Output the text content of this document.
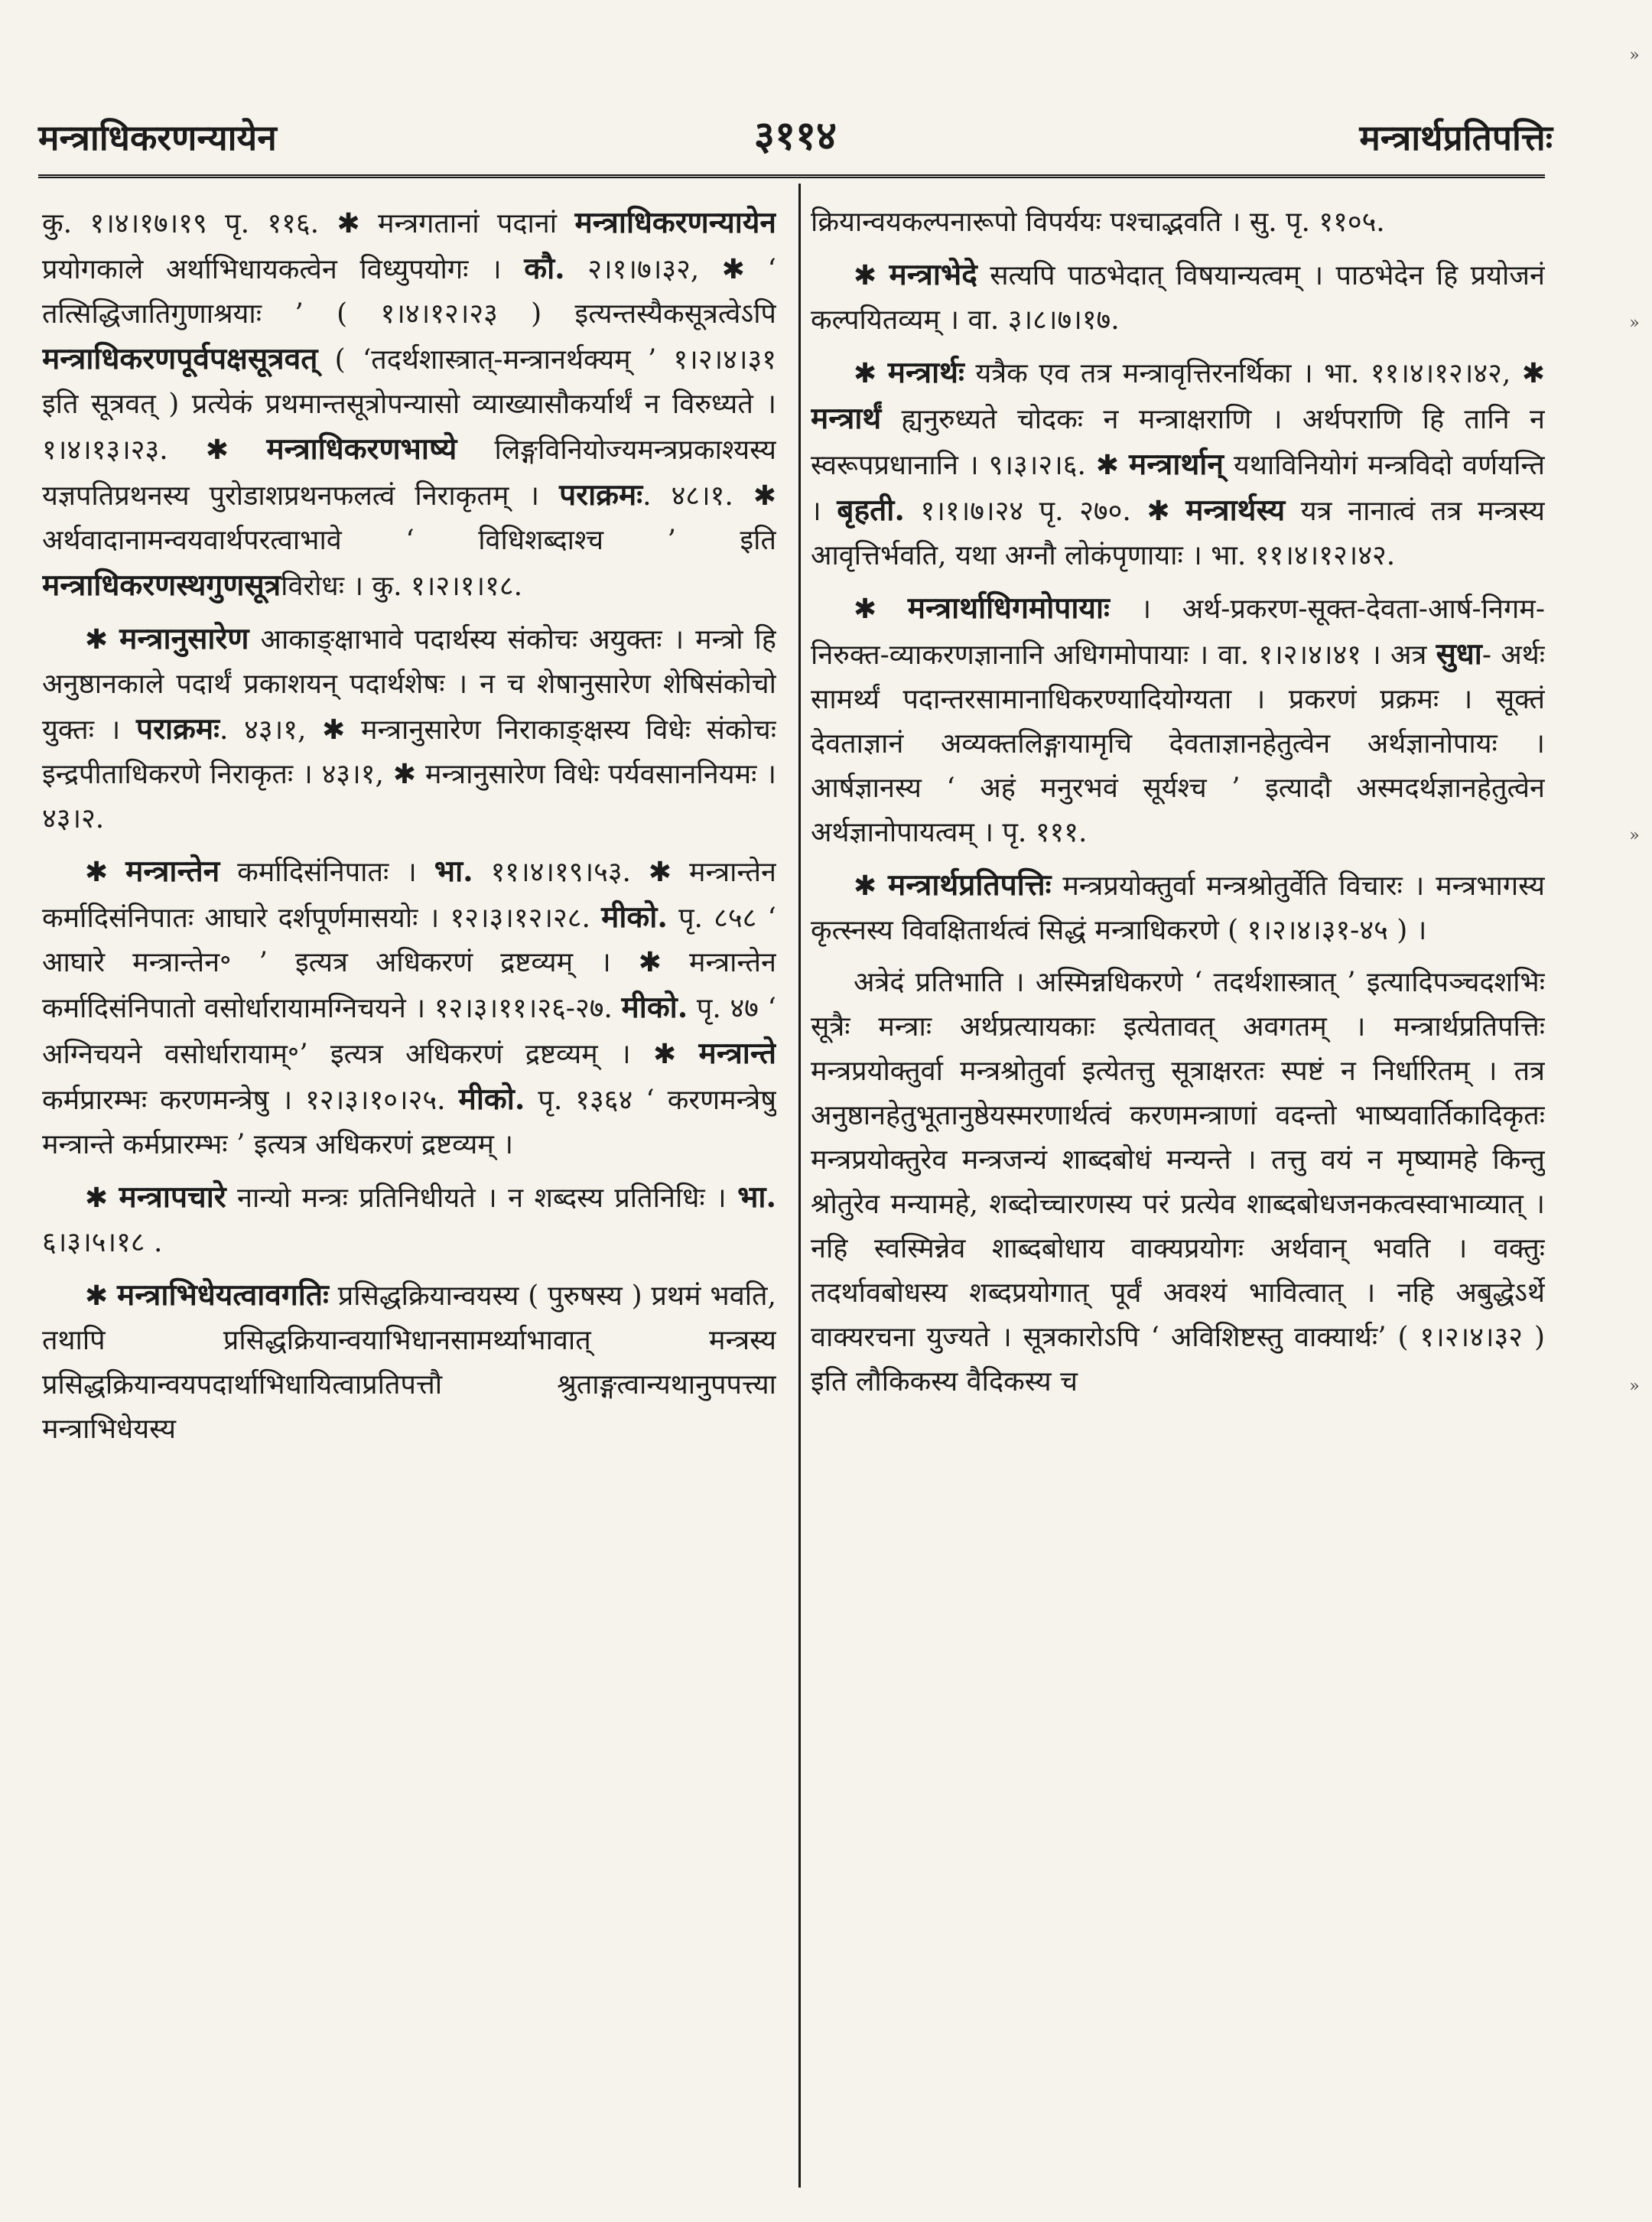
मन्त्राधिकरणन्यायेन	३११४	मन्त्रार्थप्रतिपत्तिः

कु. १।४।१७।१९ पृ. ११६. ✱ मन्त्रगतानां पदानां मन्त्राधिकरणन्यायेन प्रयोगकाले अर्थाभिधायकत्वेन विध्युपयोगः । कौ. २।१।७।३२, ✱ ‘ तत्सिद्धिजातिगुणाश्रयाः ’ ( १।४।१२।२३ ) इत्यन्तस्यैकसूत्रत्वेऽपि मन्त्राधिकरणपूर्वपक्षसूत्रवत् ( ‘तदर्थशास्त्रात्-मन्त्रानर्थक्यम् ’ १।२।४।३१ इति सूत्रवत् ) प्रत्येकं प्रथमान्तसूत्रोपन्यासो व्याख्यासौकर्यार्थं न विरुध्यते । १।४।१३।२३. ✱ मन्त्राधिकरणभाष्ये लिङ्गविनियोज्यमन्त्रप्रकाश्यस्य यज्ञपतिप्रथनस्य पुरोडाशप्रथनफलत्वं निराकृतम् । पराक्रमः. ४८।१. ✱ अर्थवादानामन्वयवार्थपरत्वाभावे ‘ विधिशब्दाश्च ’ इति मन्त्राधिकरणस्थगुणसूत्रविरोधः । कु. १।२।१।१८.

✱ मन्त्रानुसारेण आकाङ्क्षाभावे पदार्थस्य संकोचः अयुक्तः । मन्त्रो हि अनुष्ठानकाले पदार्थं प्रकाशयन् पदार्थशेषः । न च शेषानुसारेण शेषिसंकोचो युक्तः । पराक्रमः. ४३।१, ✱ मन्त्रानुसारेण निराकाङ्क्षस्य विधेः संकोचः इन्द्रपीताधिकरणे निराकृतः । ४३।१, ✱ मन्त्रानुसारेण विधेः पर्यवसाननियमः । ४३।२.

✱ मन्त्रान्तेन कर्मादिसंनिपातः । भा. ११।४।१९।५३. ✱ मन्त्रान्तेन कर्मादिसंनिपातः आघारे दर्शपूर्णमासयोः । १२।३।१२।२८. मीको. पृ. ८५८ ‘ आघारे मन्त्रान्तेन॰ ’ इत्यत्र अधिकरणं द्रष्टव्यम् । ✱ मन्त्रान्तेन कर्मादिसंनिपातो वसोर्धारायामग्निचयने । १२।३।११।२६-२७. मीको. पृ. ४७ ‘ अग्निचयने वसोर्धारायाम्॰’ इत्यत्र अधिकरणं द्रष्टव्यम् । ✱ मन्त्रान्ते कर्मप्रारम्भः करणमन्त्रेषु । १२।३।१०।२५. मीको. पृ. १३६४ ‘ करणमन्त्रेषु मन्त्रान्ते कर्मप्रारम्भः ’ इत्यत्र अधिकरणं द्रष्टव्यम् ।

✱ मन्त्रापचारे नान्यो मन्त्रः प्रतिनिधीयते । न शब्दस्य प्रतिनिधिः । भा. ६।३।५।१८ .

✱ मन्त्राभिधेयत्वावगतिः प्रसिद्धक्रियान्वयस्य ( पुरुषस्य ) प्रथमं भवति, तथापि प्रसिद्धक्रियान्वयाभिधानसामर्थ्याभावात् मन्त्रस्य प्रसिद्धक्रियान्वयपदार्थाभिधायित्वाप्रतिपत्तौ श्रुताङ्गत्वान्यथानुपपत्त्या मन्त्राभिधेयस्य

क्रियान्वयकल्पनारूपो विपर्ययः पश्चाद्भवति । सु. पृ. ११०५.

✱ मन्त्राभेदे सत्यपि पाठभेदात् विषयान्यत्वम् । पाठभेदेन हि प्रयोजनं कल्पयितव्यम् । वा. ३।८।७।१७.

✱ मन्त्रार्थः यत्रैक एव तत्र मन्त्रावृत्तिरनर्थिका । भा. ११।४।१२।४२, ✱ मन्त्रार्थं ह्यनुरुध्यते चोदकः न मन्त्राक्षराणि । अर्थपराणि हि तानि न स्वरूपप्रधानानि । ९।३।२।६. ✱ मन्त्रार्थान् यथाविनियोगं मन्त्रविदो वर्णयन्ति । बृहती. १।१।७।२४ पृ. २७०. ✱ मन्त्रार्थस्य यत्र नानात्वं तत्र मन्त्रस्य आवृत्तिर्भवति, यथा अग्नौ लोकंपृणायाः । भा. ११।४।१२।४२.

✱ मन्त्रार्थाधिगमोपायाः । अर्थ-प्रकरण-सूक्त-देवता-आर्ष-निगम-निरुक्त-व्याकरणज्ञानानि अधिगमोपायाः । वा. १।२।४।४१ । अत्र सुधा- अर्थः सामर्थ्यं पदान्तरसामानाधिकरण्यादियोग्यता । प्रकरणं प्रक्रमः । सूक्तं देवताज्ञानं अव्यक्तलिङ्गायामृचि देवताज्ञानहेतुत्वेन अर्थज्ञानोपायः । आर्षज्ञानस्य ‘ अहं मनुरभवं सूर्यश्च ’ इत्यादौ अस्मदर्थज्ञानहेतुत्वेन अर्थज्ञानोपायत्वम् । पृ. १११.

✱ मन्त्रार्थप्रतिपत्तिः मन्त्रप्रयोक्तुर्वा मन्त्रश्रोतुर्वेति विचारः । मन्त्रभागस्य कृत्स्नस्य विवक्षितार्थत्वं सिद्धं मन्त्राधिकरणे ( १।२।४।३१-४५ ) ।

अत्रेदं प्रतिभाति । अस्मिन्नधिकरणे ‘ तदर्थशास्त्रात् ’ इत्यादिपञ्चदशभिः सूत्रैः मन्त्राः अर्थप्रत्यायकाः इत्येतावत् अवगतम् । मन्त्रार्थप्रतिपत्तिः मन्त्रप्रयोक्तुर्वा मन्त्रश्रोतुर्वा इत्येतत्तु सूत्राक्षरतः स्पष्टं न निर्धारितम् । तत्र अनुष्ठानहेतुभूतानुष्ठेयस्मरणार्थत्वं करणमन्त्राणां वदन्तो भाष्यवार्तिकादिकृतः मन्त्रप्रयोक्तुरेव मन्त्रजन्यं शाब्दबोधं मन्यन्ते । तत्तु वयं न मृष्यामहे किन्तु श्रोतुरेव मन्यामहे, शब्दोच्चारणस्य परं प्रत्येव शाब्दबोधजनकत्वस्वाभाव्यात् । नहि स्वस्मिन्नेव शाब्दबोधाय वाक्यप्रयोगः अर्थवान् भवति । वक्तुः तदर्थावबोधस्य शब्दप्रयोगात् पूर्वं अवश्यं भावित्वात् । नहि अबुद्धेऽर्थे वाक्यरचना युज्यते । सूत्रकारोऽपि ‘ अविशिष्टस्तु वाक्यार्थः’ ( १।२।४।३२ ) इति लौकिकस्य वैदिकस्य च

»
»
»
»
